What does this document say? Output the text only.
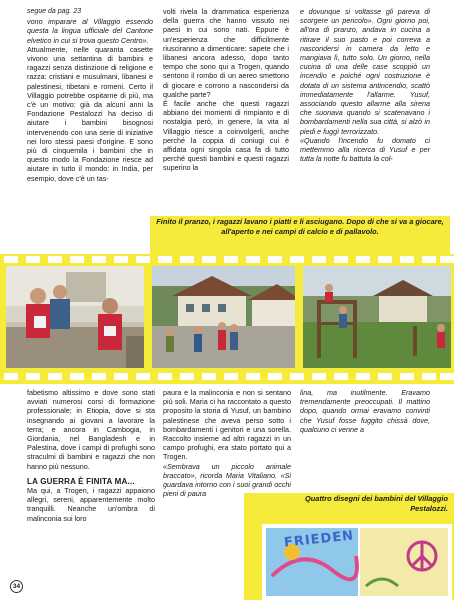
segue da pag. 23

vono imparare al Villaggio essendo questa la lingua ufficiale del Cantone elvetico in cui si trova questo Centro».

Attualmente, nelle quaranta casette vivono una settantina di bambini e ragazzi senza distinzione di religione e razza: cristiani e musulmani, libanesi e palestinesi, tibetani e romeni. Certo il Villaggio potrebbe ospitarne di più, ma c'è un motivo: già da alcuni anni la Fondazione Pestalozzi ha deciso di aiutare i bambini bisognosi intervenendo con una serie di iniziative nei loro stessi paesi d'origine. E sono più di cinquemila i bambini che in questo modo la Fondazione riesce ad aiutare in tutto il mondo: in India, per esempio, dove c'è un tas-

volti rivela la drammatica esperienza della guerra che hanno vissuto nei paesi in cui sono nati. Eppure è un'esperienza che difficilmente riusciranno a dimenticare: sapete che i libanesi ancora adesso, dopo tanto tempo che sono qui a Trogen, quando sentono il rombo di un aereo smettono di giocare e corrono a nascondersi da qualche parte?

È facile anche che questi ragazzi abbiano dei momenti di rimpianto e di nostalgia però, in genere, la vita al Villaggio riesce a coinvolgerli, anche perché la coppia di coniugi cui è affidata ogni singola casa fa di tutto perché questi bambini e questi ragazzi superino la

e dovunque si voltasse gli pareva di scorgere un pericolo». Ogni giorno poi, all'ora di pranzo, andava in cucina a ritirare il suo pasto e poi correva a nascondersi in camera da letto e mangiava lì, tutto solo. Un giorno, nella cucina di una delle case scoppiò un incendio e poiché ogni costruzione è dotata di un sistema antincendio, scattò immediatamente l'allarme. Yusuf, associando questo allarme alla sirena che suonava quando si scatenavano i bombardamenti nella sua città, si alzò in piedi e fuggì terrorizzato.

«Quando l'incendio fu domato ci mettemmo alla ricerca di Yusuf e per tutta la notte fu battuta la col-

Finito il pranzo, i ragazzi lavano i piatti e li asciugano. Dopo di che si va a giocare, all'aperto e nei campi di calcio e di pallavolo.

fabetismo altissimo e dove sono stati avviati numerosi corsi di formazione professionale; in Etiopia, dove si sta insegnando ai giovani a lavorare la terra; e ancora in Cambogia, in Giordania, nel Bangladesh e in Palestina, dove i campi di profughi sono straculmi di bambini e ragazzi che non hanno più nessuno.

LA GUERRA È FINITA MA...

Ma qui, a Trogen, i ragazzi appaiono allegri, sereni, apparentemente molto tranquilli. Neanche un'ombra di malinconia sui loro

paura e la malinconia e non si sentano più soli. Maria ci ha raccontato a questo proposito la storia di Yusuf, un bambino palestinese che aveva perso sotto i bombardamenti i genitori e una sorella. Raccolto insieme ad altri ragazzi in un campo profughi, era stato portato qui a Trogen.

«Sembrava un piccolo animale braccato», ricorda Maria Vitaliano. «Si guardava intorno con i suoi grandi occhi pieni di paura

lina, ma inutilmente. Eravamo tremendamente preoccupati. Il mattino dopo, quando ormai eravamo convinti che Yusuf fosse fuggito chissà dove, qualcuno ci venne a

Quattro disegni dei bambini del Villaggio Pestalozzi.
FRIEDEN
34
